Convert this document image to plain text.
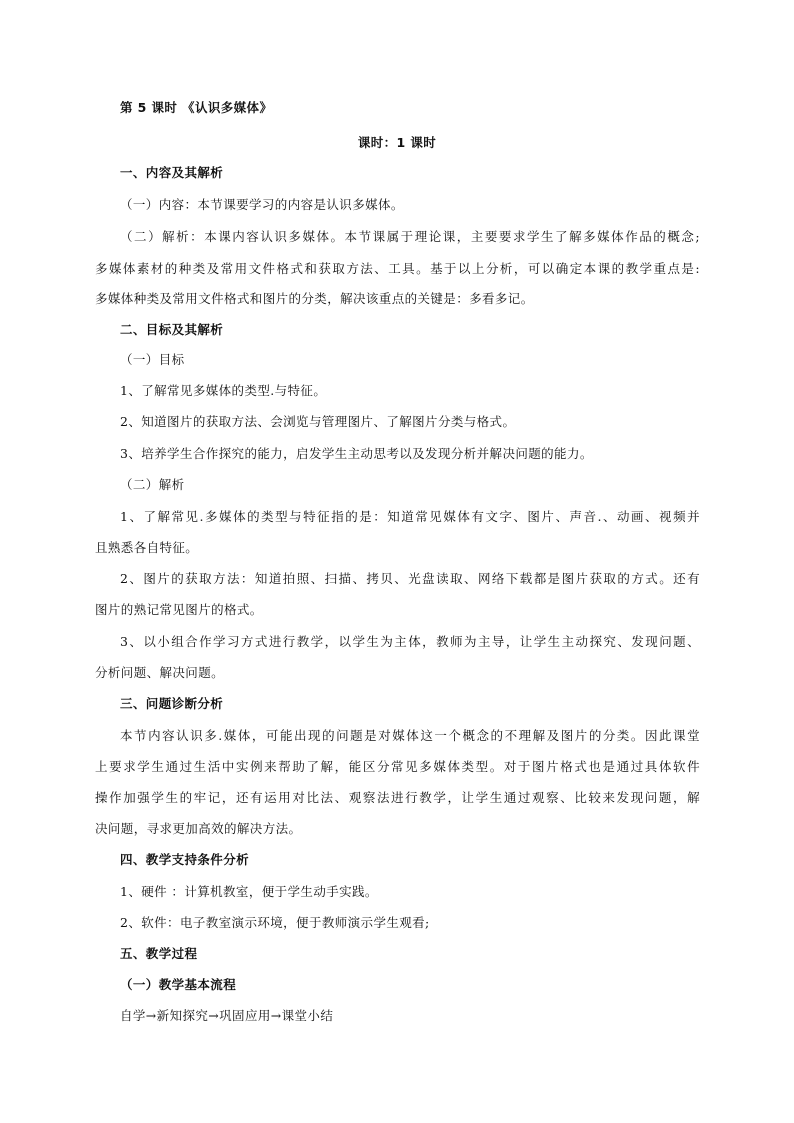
第 5 课时 《认识多媒体》
课时：1 课时
一、内容及其解析
（一）内容：本节课要学习的内容是认识多媒体。
（二）解析：本课内容认识多媒体。本节课属于理论课，主要要求学生了解多媒体作品的概念;
多媒体素材的种类及常用文件格式和获取方法、工具。基于以上分析，可以确定本课的教学重点是:
多媒体种类及常用文件格式和图片的分类，解决该重点的关键是：多看多记。
二、目标及其解析
（一）目标
1、了解常见多媒体的类型.与特征。
2、知道图片的获取方法、会浏览与管理图片、了解图片分类与格式。
3、培养学生合作探究的能力，启发学生主动思考以及发现分析并解决问题的能力。
（二）解析
1、了解常见.多媒体的类型与特征指的是：知道常见媒体有文字、图片、声音.、动画、视频并
且熟悉各自特征。
2、图片的获取方法：知道拍照、扫描、拷贝、光盘读取、网络下载都是图片获取的方式。还有
图片的熟记常见图片的格式。
3、以小组合作学习方式进行教学，以学生为主体，教师为主导，让学生主动探究、发现问题、
分析问题、解决问题。
三、问题诊断分析
本节内容认识多.媒体，可能出现的问题是对媒体这一个概念的不理解及图片的分类。因此课堂
上要求学生通过生活中实例来帮助了解，能区分常见多媒体类型。对于图片格式也是通过具体软件
操作加强学生的牢记，还有运用对比法、观察法进行教学，让学生通过观察、比较来发现问题，解
决问题，寻求更加高效的解决方法。
四、教学支持条件分析
1、硬件 ：计算机教室，便于学生动手实践。
2、软件：电子教室演示环境，便于教师演示学生观看;
五、教学过程
（一）教学基本流程
自学→新知探究→巩固应用→课堂小结
